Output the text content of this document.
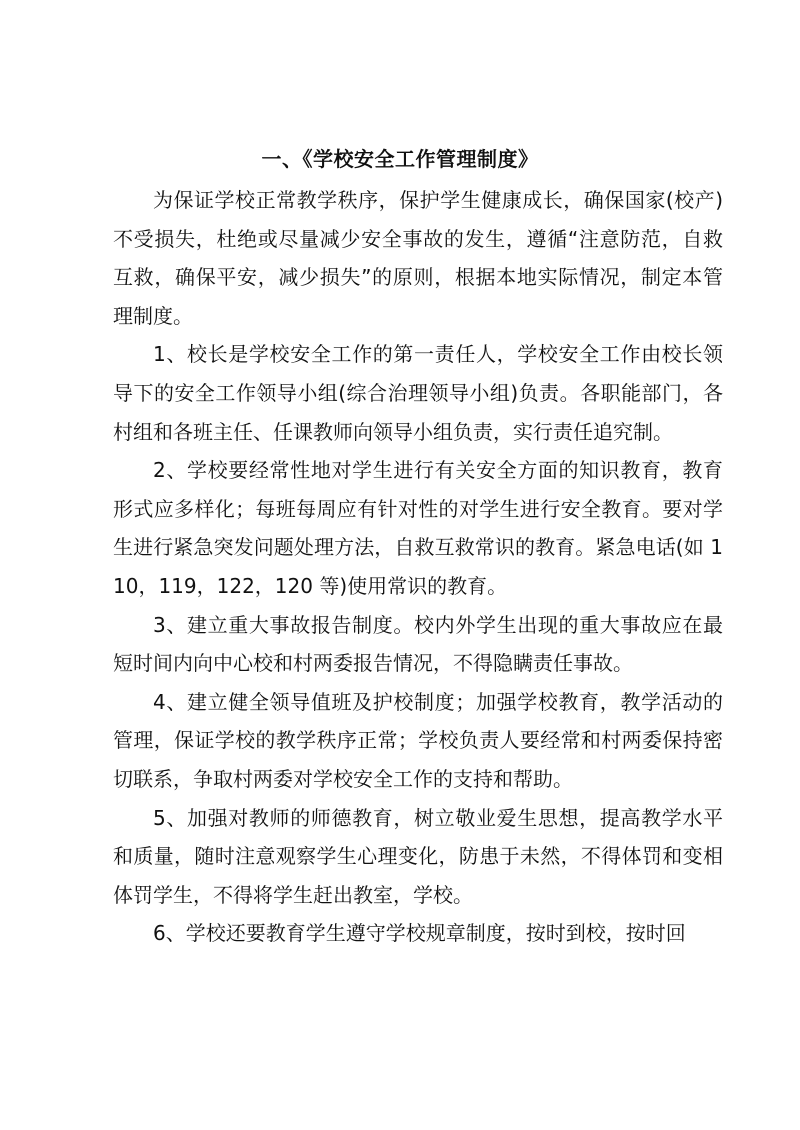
一、《学校安全工作管理制度》

为保证学校正常教学秩序，保护学生健康成长，确保国家(校产)不受损失，杜绝或尽量减少安全事故的发生，遵循“注意防范，自救互救，确保平安，减少损失”的原则，根据本地实际情况，制定本管理制度。

1、校长是学校安全工作的第一责任人，学校安全工作由校长领导下的安全工作领导小组(综合治理领导小组)负责。各职能部门，各村组和各班主任、任课教师向领导小组负责，实行责任追究制。

2、学校要经常性地对学生进行有关安全方面的知识教育，教育形式应多样化；每班每周应有针对性的对学生进行安全教育。要对学生进行紧急突发问题处理方法，自救互救常识的教育。紧急电话(如 110，119，122，120 等)使用常识的教育。

3、建立重大事故报告制度。校内外学生出现的重大事故应在最短时间内向中心校和村两委报告情况，不得隐瞒责任事故。

4、建立健全领导值班及护校制度；加强学校教育，教学活动的管理，保证学校的教学秩序正常；学校负责人要经常和村两委保持密切联系，争取村两委对学校安全工作的支持和帮助。

5、加强对教师的师德教育，树立敬业爱生思想，提高教学水平和质量，随时注意观察学生心理变化，防患于未然，不得体罚和变相体罚学生，不得将学生赶出教室，学校。

6、学校还要教育学生遵守学校规章制度，按时到校，按时回
